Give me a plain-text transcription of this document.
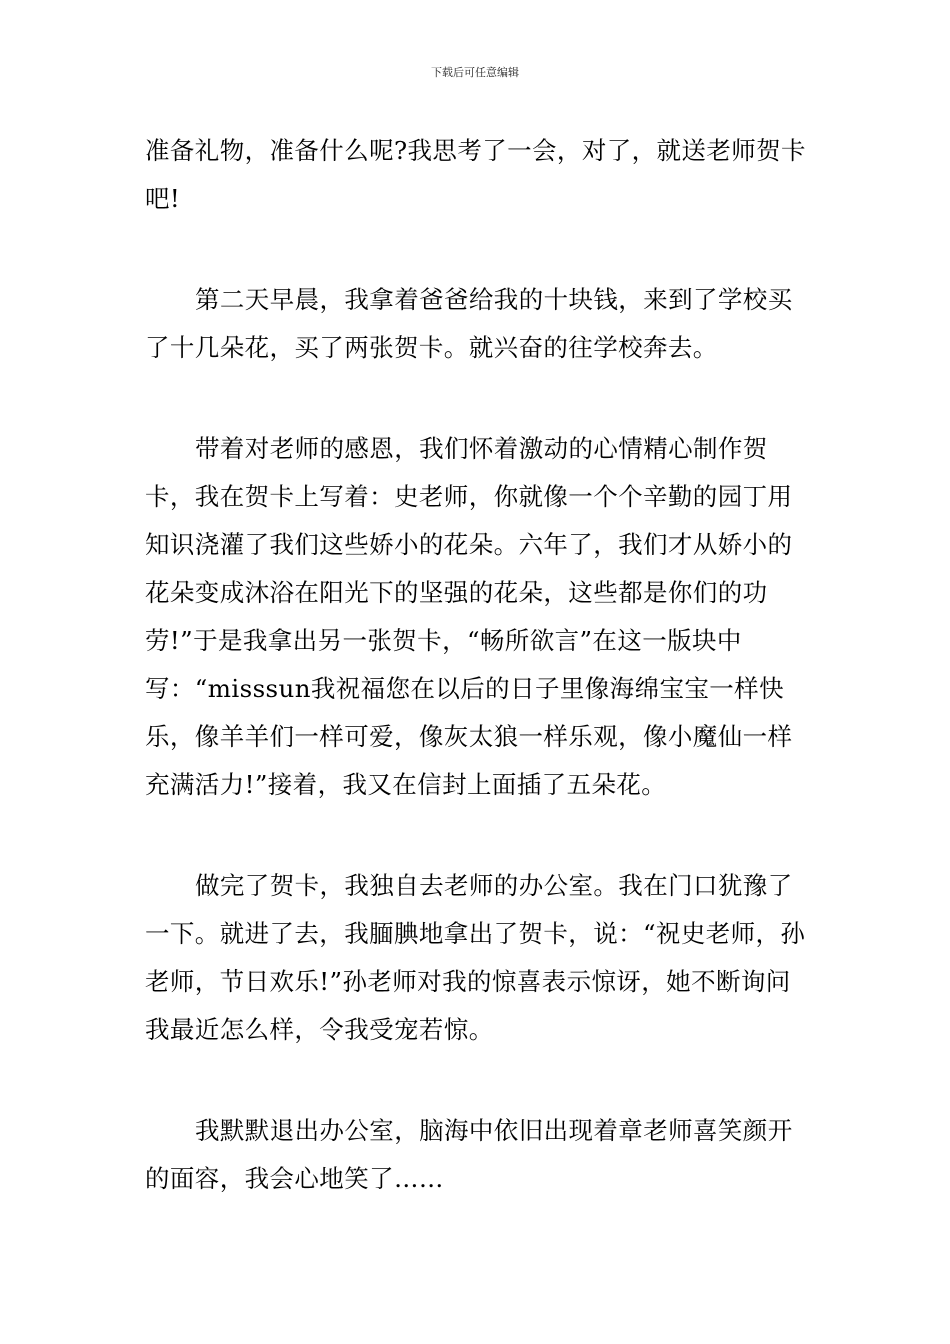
下载后可任意编辑

准备礼物，准备什么呢?我思考了一会，对了，就送老师贺卡吧!

第二天早晨，我拿着爸爸给我的十块钱，来到了学校买了十几朵花，买了两张贺卡。就兴奋的往学校奔去。

带着对老师的感恩，我们怀着激动的心情精心制作贺卡，我在贺卡上写着：史老师，你就像一个个辛勤的园丁用知识浇灌了我们这些娇小的花朵。六年了，我们才从娇小的花朵变成沐浴在阳光下的坚强的花朵，这些都是你们的功劳!”于是我拿出另一张贺卡，“畅所欲言”在这一版块中写：“misssun我祝福您在以后的日子里像海绵宝宝一样快乐，像羊羊们一样可爱，像灰太狼一样乐观，像小魔仙一样充满活力!”接着，我又在信封上面插了五朵花。

做完了贺卡，我独自去老师的办公室。我在门口犹豫了一下。就进了去，我腼腆地拿出了贺卡，说：“祝史老师，孙老师，节日欢乐!”孙老师对我的惊喜表示惊讶，她不断询问我最近怎么样，令我受宠若惊。

我默默退出办公室，脑海中依旧出现着章老师喜笑颜开的面容，我会心地笑了……
